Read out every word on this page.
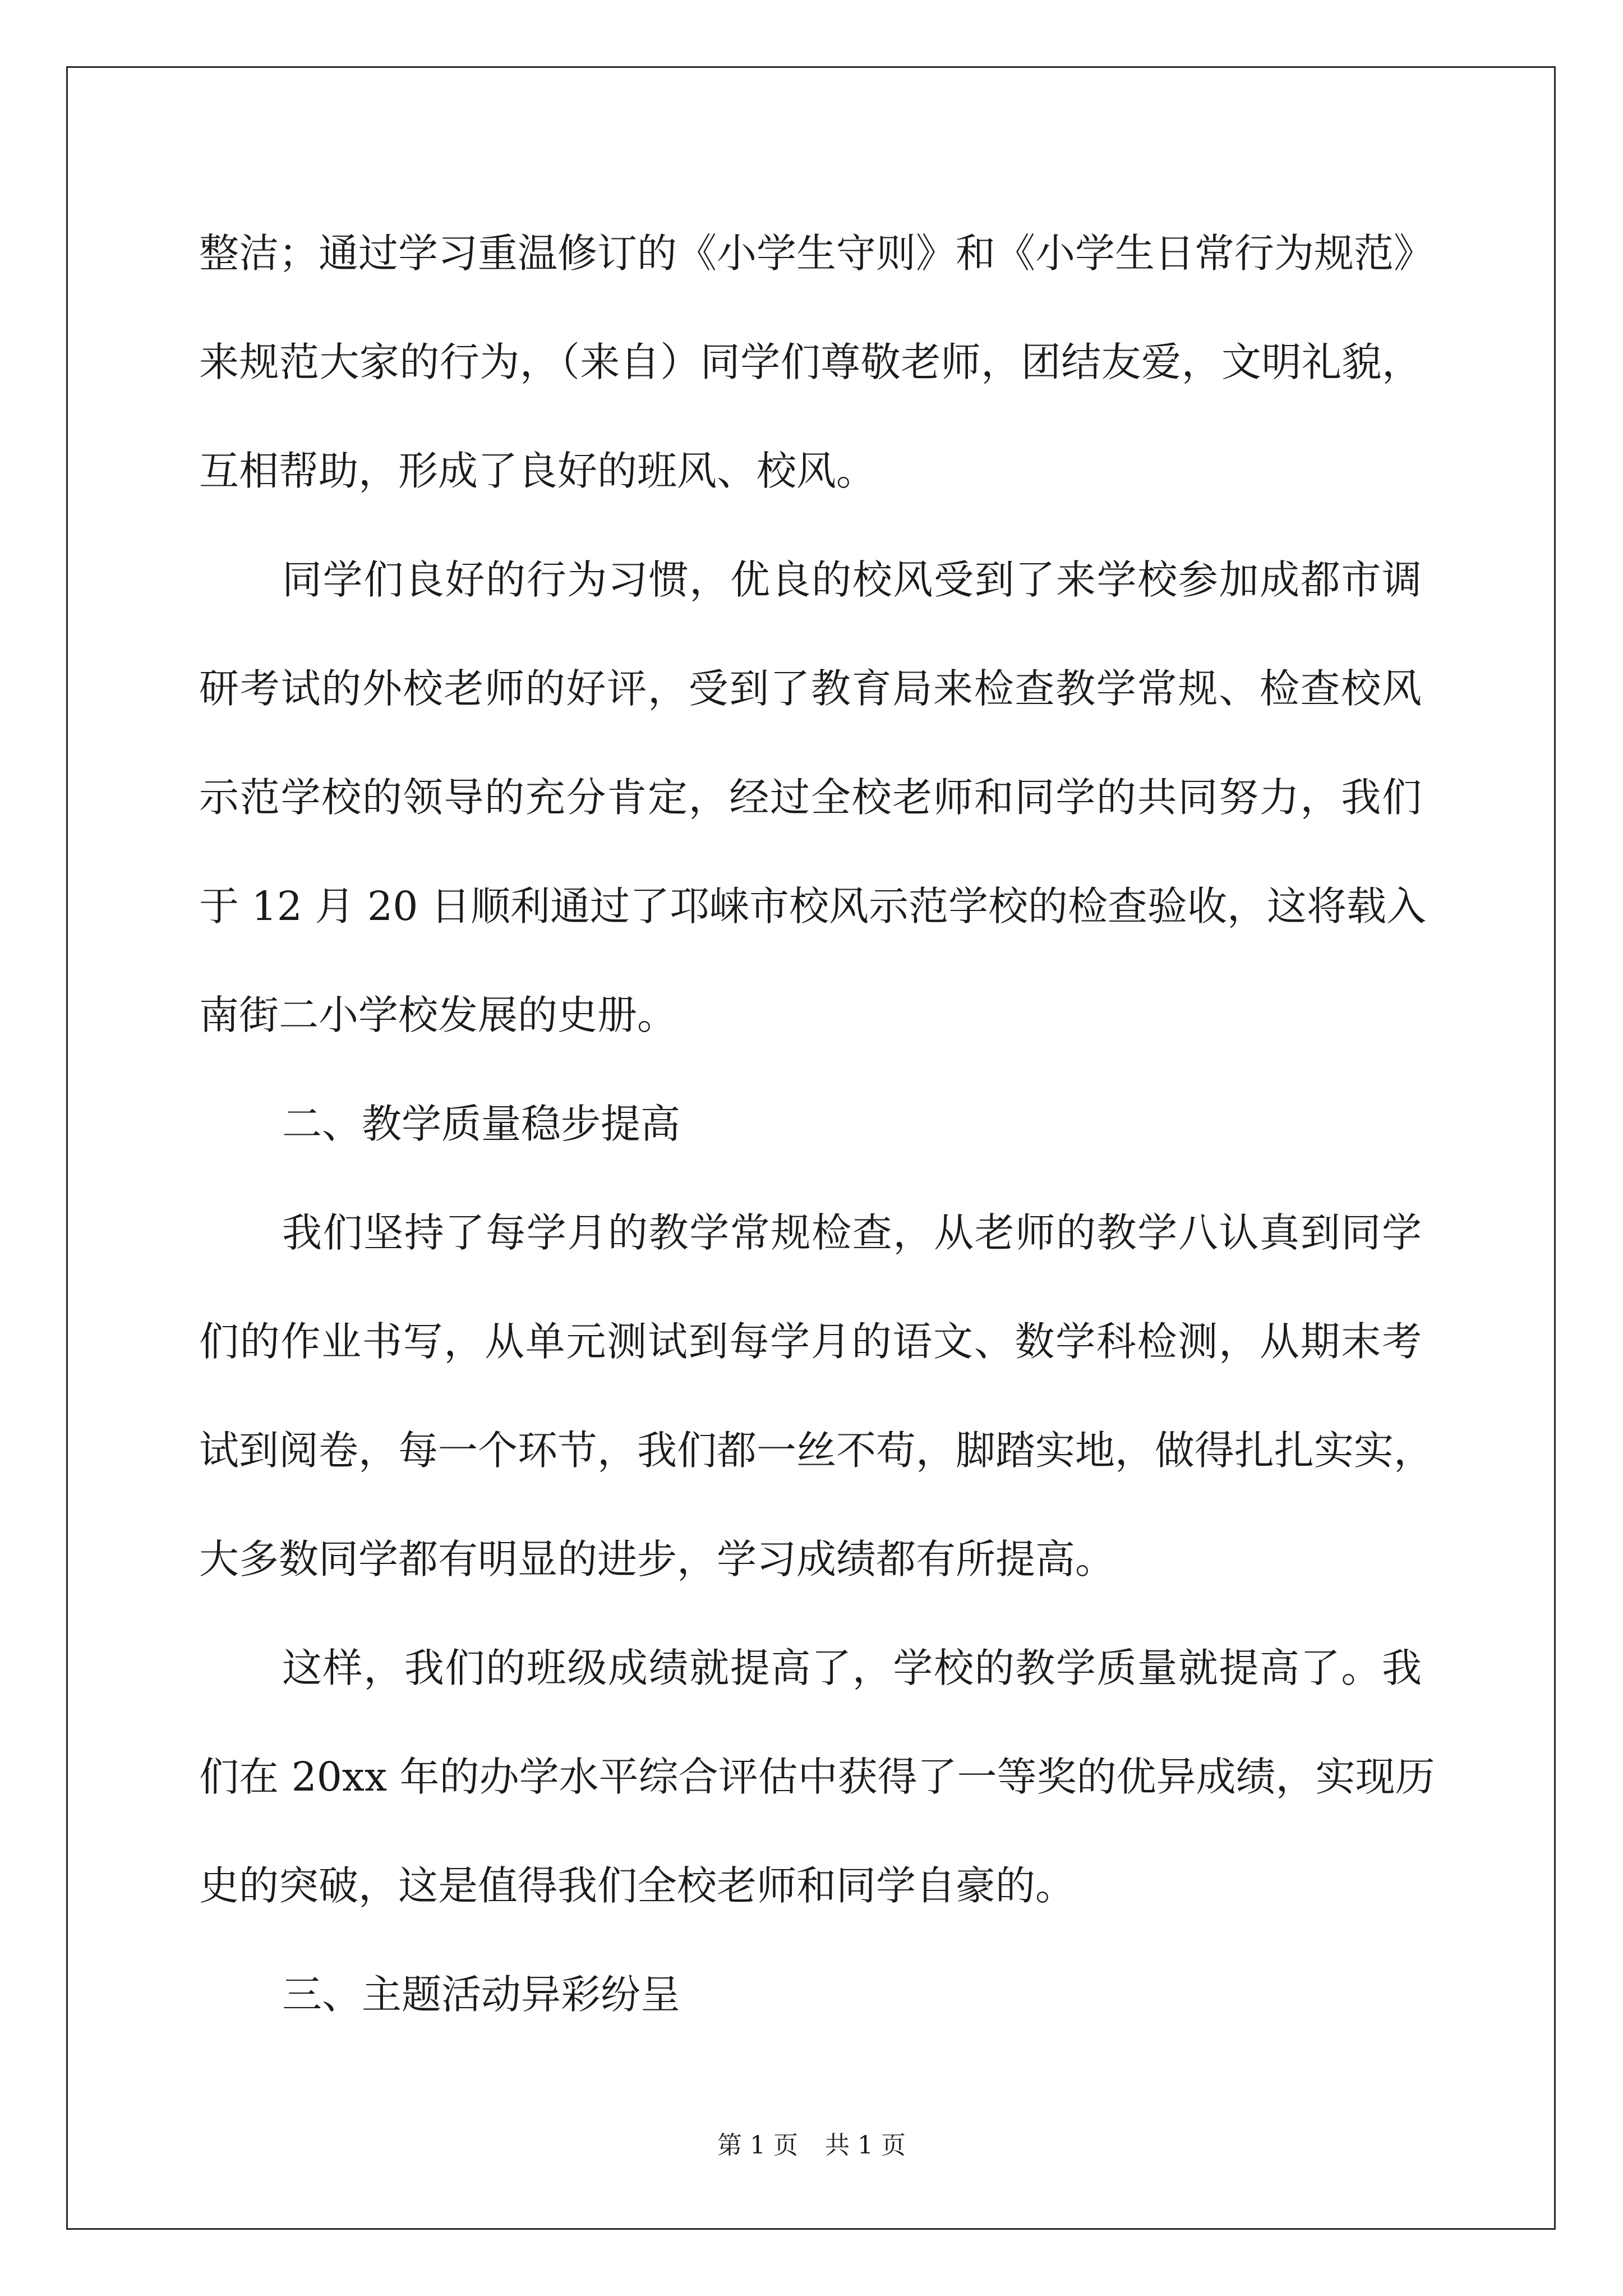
整洁；通过学习重温修订的《小学生守则》和《小学生日常行为规范》
来规范大家的行为，（来自）同学们尊敬老师，团结友爱，文明礼貌，
互相帮助，形成了良好的班风、校风。
同学们良好的行为习惯，优良的校风受到了来学校参加成都市调
研考试的外校老师的好评，受到了教育局来检查教学常规、检查校风
示范学校的领导的充分肯定，经过全校老师和同学的共同努力，我们
于 12 月 20 日顺利通过了邛崃市校风示范学校的检查验收，这将载入
南街二小学校发展的史册。
二、教学质量稳步提高
我们坚持了每学月的教学常规检查，从老师的教学八认真到同学
们的作业书写，从单元测试到每学月的语文、数学科检测，从期末考
试到阅卷，每一个环节，我们都一丝不苟，脚踏实地，做得扎扎实实，
大多数同学都有明显的进步，学习成绩都有所提高。
这样，我们的班级成绩就提高了，学校的教学质量就提高了。我
们在 20xx 年的办学水平综合评估中获得了一等奖的优异成绩，实现历
史的突破，这是值得我们全校老师和同学自豪的。
三、主题活动异彩纷呈
第 1 页 共 1 页
